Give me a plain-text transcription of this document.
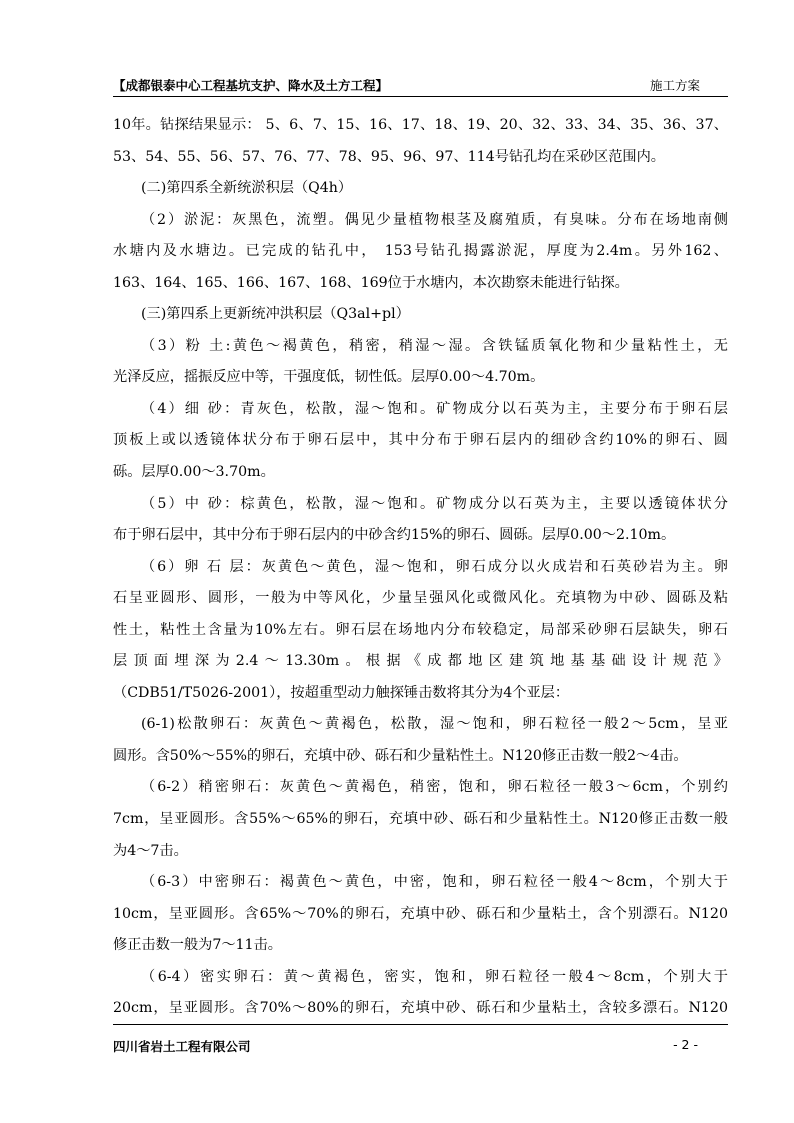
【成都银泰中心工程基坑支护、降水及土方工程】	施工方案
10年。钻探结果显示： 5、6、7、15、16、17、18、19、20、32、33、34、35、36、37、
53、54、55、56、57、76、77、78、95、96、97、114号钻孔均在采砂区范围内。
(二)第四系全新统淤积层（Q4h）
（2）淤泥：灰黑色，流塑。偶见少量植物根茎及腐殖质，有臭味。分布在场地南侧
水塘内及水塘边。已完成的钻孔中， 153号钻孔揭露淤泥，厚度为2.4m。另外162、
163、164、165、166、167、168、169位于水塘内，本次勘察未能进行钻探。
(三)第四系上更新统冲洪积层（Q3al+pl）
（3）粉 土:黄色～褐黄色，稍密，稍湿～湿。含铁锰质氧化物和少量粘性土，无
光泽反应，摇振反应中等，干强度低，韧性低。层厚0.00～4.70m。
（4）细 砂：青灰色，松散，湿～饱和。矿物成分以石英为主，主要分布于卵石层
顶板上或以透镜体状分布于卵石层中，其中分布于卵石层内的细砂含约10%的卵石、圆
砾。层厚0.00～3.70m。
（5）中 砂：棕黄色，松散，湿～饱和。矿物成分以石英为主，主要以透镜体状分
布于卵石层中，其中分布于卵石层内的中砂含约15%的卵石、圆砾。层厚0.00～2.10m。
（6）卵 石 层：灰黄色～黄色，湿～饱和，卵石成分以火成岩和石英砂岩为主。卵
石呈亚圆形、圆形，一般为中等风化，少量呈强风化或微风化。充填物为中砂、圆砾及粘
性土，粘性土含量为10%左右。卵石层在场地内分布较稳定，局部采砂卵石层缺失，卵石
层顶面埋深为2.4～13.30m。根据《成都地区建筑地基基础设计规范》
（CDB51/T5026-2001），按超重型动力触探锤击数将其分为4个亚层：
(6-1)松散卵石：灰黄色～黄褐色，松散，湿～饱和，卵石粒径一般2～5cm，呈亚
圆形。含50%～55%的卵石，充填中砂、砾石和少量粘性土。N120修正击数一般2～4击。
（6-2）稍密卵石：灰黄色～黄褐色，稍密，饱和，卵石粒径一般3～6cm，个别约
7cm，呈亚圆形。含55%～65%的卵石，充填中砂、砾石和少量粘性土。N120修正击数一般
为4～7击。
（6-3）中密卵石：褐黄色～黄色，中密，饱和，卵石粒径一般4～8cm，个别大于
10cm，呈亚圆形。含65%～70%的卵石，充填中砂、砾石和少量粘土，含个别漂石。N120
修正击数一般为7～11击。
（6-4）密实卵石：黄～黄褐色，密实，饱和，卵石粒径一般4～8cm，个别大于
20cm，呈亚圆形。含70%～80%的卵石，充填中砂、砾石和少量粘土，含较多漂石。N120
四川省岩土工程有限公司	- 2 -
